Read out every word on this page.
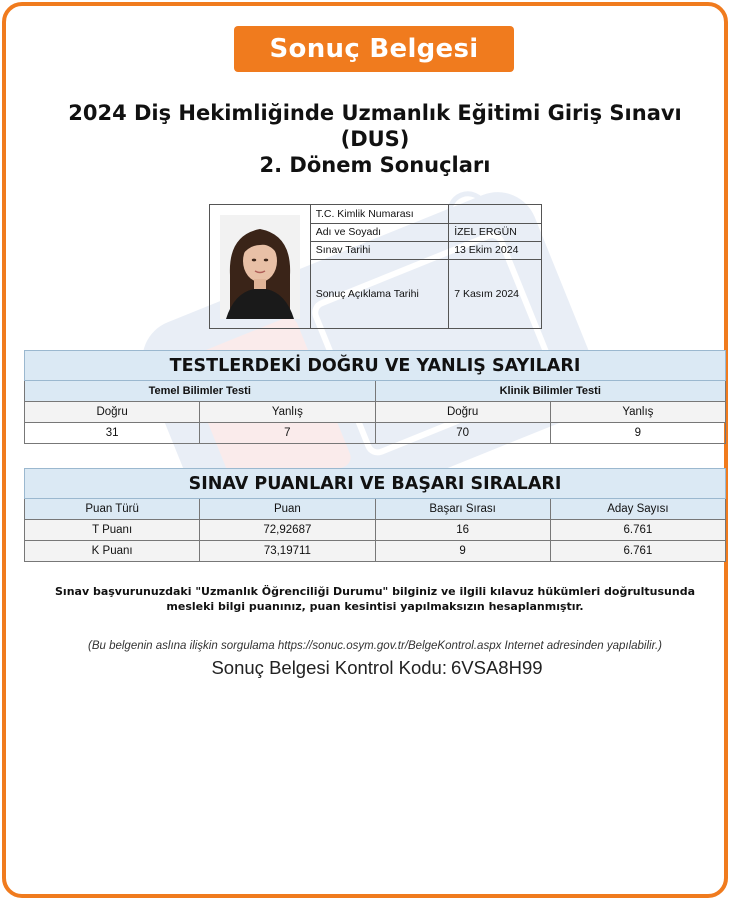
Sonuç Belgesi
2024 Diş Hekimliğinde Uzmanlık Eğitimi Giriş Sınavı
(DUS)
2. Dönem Sonuçları
T.C. Kimlik Numarası	
Adı ve Soyadı	İZEL ERGÜN
Sınav Tarihi	13 Ekim 2024
Sonuç Açıklama Tarihi	7 Kasım 2024
TESTLERDEKİ DOĞRU VE YANLIŞ SAYILARI			
Temel Bilimler Testi		Klinik Bilimler Testi	
Doğru	Yanlış	Doğru	Yanlış
31	7	70	9
SINAV PUANLARI VE BAŞARI SIRALARI			
Puan Türü	Puan	Başarı Sırası	Aday Sayısı
T Puanı	72,92687	16	6.761
K Puanı	73,19711	9	6.761
Sınav başvurunuzdaki "Uzmanlık Öğrenciliği Durumu" bilginiz ve ilgili kılavuz hükümleri doğrultusunda
mesleki bilgi puanınız, puan kesintisi yapılmaksızın hesaplanmıştır.
(Bu belgenin aslına ilişkin sorgulama https://sonuc.osym.gov.tr/BelgeKontrol.aspx Internet adresinden yapılabilir.)
Sonuç Belgesi Kontrol Kodu: 6VSA8H99
